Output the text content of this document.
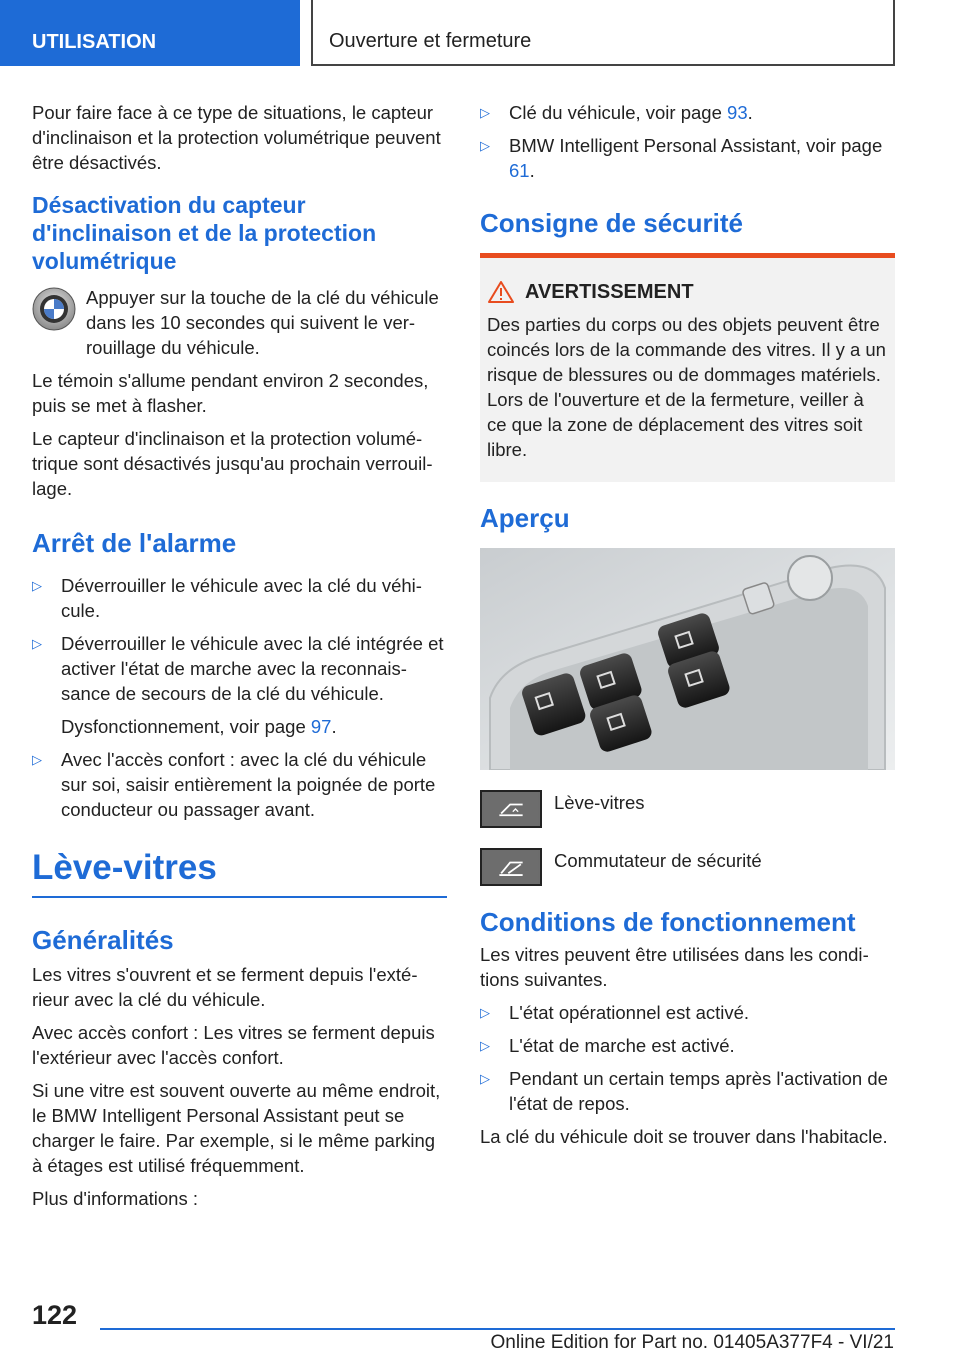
UTILISATION	Ouverture et fermeture

Pour faire face à ce type de situations, le capteur d'inclinaison et la protection volumétrique peuvent être désactivés.

Désactivation du capteur d'inclinaison et de la protection volumétrique

Appuyer sur la touche de la clé du véhicule dans les 10 secondes qui suivent le verrouillage du véhicule.

Le témoin s'allume pendant environ 2 secondes, puis se met à flasher.

Le capteur d'inclinaison et la protection volumétrique sont désactivés jusqu'au prochain verrouillage.

Arrêt de l'alarme
▷ Déverrouiller le véhicule avec la clé du véhicule.
▷ Déverrouiller le véhicule avec la clé intégrée et activer l'état de marche avec la reconnaissance de secours de la clé du véhicule.
Dysfonctionnement, voir page 97.
▷ Avec l'accès confort : avec la clé du véhicule sur soi, saisir entièrement la poignée de porte conducteur ou passager avant.
Lève-vitres
Généralités

Les vitres s'ouvrent et se ferment depuis l'extérieur avec la clé du véhicule.

Avec accès confort : Les vitres se ferment depuis l'extérieur avec l'accès confort.

Si une vitre est souvent ouverte au même endroit, le BMW Intelligent Personal Assistant peut se charger le faire. Par exemple, si le même parking à étages est utilisé fréquemment.

Plus d'informations :

▷ Clé du véhicule, voir page 93.
▷ BMW Intelligent Personal Assistant, voir page 61.
Consigne de sécurité
AVERTISSEMENT

Des parties du corps ou des objets peuvent être coincés lors de la commande des vitres. Il y a un risque de blessures ou de dommages matériels. Lors de l'ouverture et de la fermeture, veiller à ce que la zone de déplacement des vitres soit libre.

Aperçu

Lève-vitres

Commutateur de sécurité

Conditions de fonctionnement

Les vitres peuvent être utilisées dans les conditions suivantes.

▷ L'état opérationnel est activé.
▷ L'état de marche est activé.
▷ Pendant un certain temps après l'activation de l'état de repos.

La clé du véhicule doit se trouver dans l'habitacle.

122
Online Edition for Part no. 01405A377F4 - VI/21
